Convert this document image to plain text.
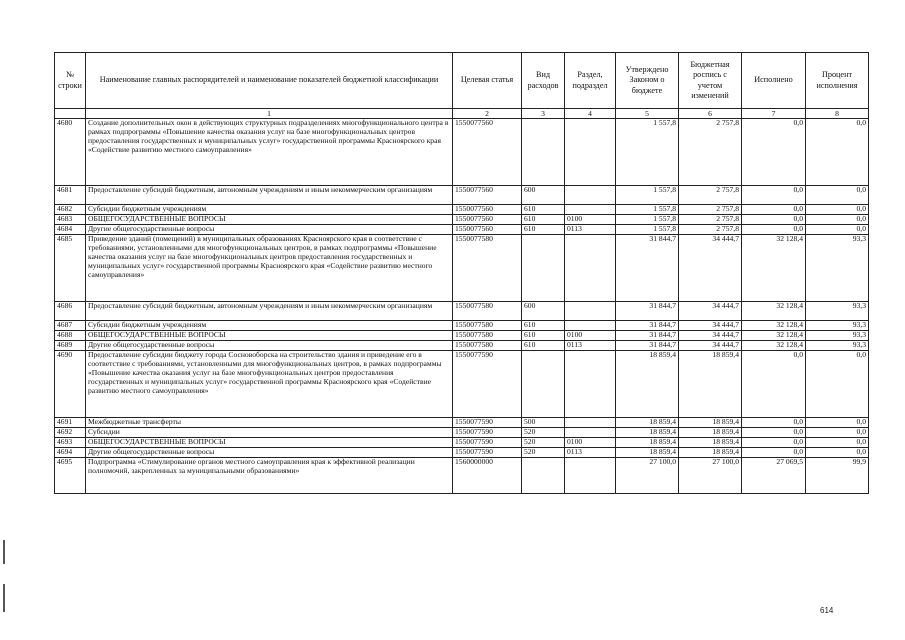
№ строки	Наименование главных распорядителей и наименование показателей бюджетной классификации	Целевая статья	Вид расходов	Раздел, подраздел	Утверждено Законом о бюджете	Бюджетная роспись с учетом изменений	Исполнено	Процент исполнения
	1	2	3	4	5	6	7	8
4680	Создание дополнительных окон в действующих структурных подразделениях многофункционального центра в рамках подпрограммы «Повышение качества оказания услуг на базе многофункциональных центров предоставления государственных и муниципальных услуг» государственной программы Красноярского края «Содействие развитию местного самоуправления»	1550077560			1 557,8	2 757,8	0,0	0,0
4681	Предоставление субсидий бюджетным, автономным учреждениям и иным некоммерческим организациям	1550077560	600		1 557,8	2 757,8	0,0	0,0
4682	Субсидии бюджетным учреждениям	1550077560	610		1 557,8	2 757,8	0,0	0,0
4683	ОБЩЕГОСУДАРСТВЕННЫЕ ВОПРОСЫ	1550077560	610	0100	1 557,8	2 757,8	0,0	0,0
4684	Другие общегосударственные вопросы	1550077560	610	0113	1 557,8	2 757,8	0,0	0,0
4685	Приведение зданий (помещений) в муниципальных образованиях Красноярского края в соответствие с требованиями, установленными для многофункциональных центров, в рамках подпрограммы «Повышение качества оказания услуг на базе многофункциональных центров предоставления государственных и муниципальных услуг» государственной программы Красноярского края «Содействие развитию местного самоуправления»	1550077580			31 844,7	34 444,7	32 128,4	93,3
4686	Предоставление субсидий бюджетным, автономным учреждениям и иным некоммерческим организациям	1550077580	600		31 844,7	34 444,7	32 128,4	93,3
4687	Субсидии бюджетным учреждениям	1550077580	610		31 844,7	34 444,7	32 128,4	93,3
4688	ОБЩЕГОСУДАРСТВЕННЫЕ ВОПРОСЫ	1550077580	610	0100	31 844,7	34 444,7	32 128,4	93,3
4689	Другие общегосударственные вопросы	1550077580	610	0113	31 844,7	34 444,7	32 128,4	93,3
4690	Предоставление субсидии бюджету города Сосновоборска на строительство здания и приведение его в соответствие с требованиями, установленными для многофункциональных центров, в рамках подпрограммы «Повышение качества оказания услуг на базе многофункциональных центров предоставления государственных и муниципальных услуг» государственной программы Красноярского края «Содействие развитию местного самоуправления»	1550077590			18 859,4	18 859,4	0,0	0,0
4691	Межбюджетные трансферты	1550077590	500		18 859,4	18 859,4	0,0	0,0
4692	Субсидии	1550077590	520		18 859,4	18 859,4	0,0	0,0
4693	ОБЩЕГОСУДАРСТВЕННЫЕ ВОПРОСЫ	1550077590	520	0100	18 859,4	18 859,4	0,0	0,0
4694	Другие общегосударственные вопросы	1550077590	520	0113	18 859,4	18 859,4	0,0	0,0
4695	Подпрограмма «Стимулирование органов местного самоуправления края к эффективной реализации полномочий, закрепленных за муниципальными образованиями»	1560000000			27 100,0	27 100,0	27 069,5	99,9
614
